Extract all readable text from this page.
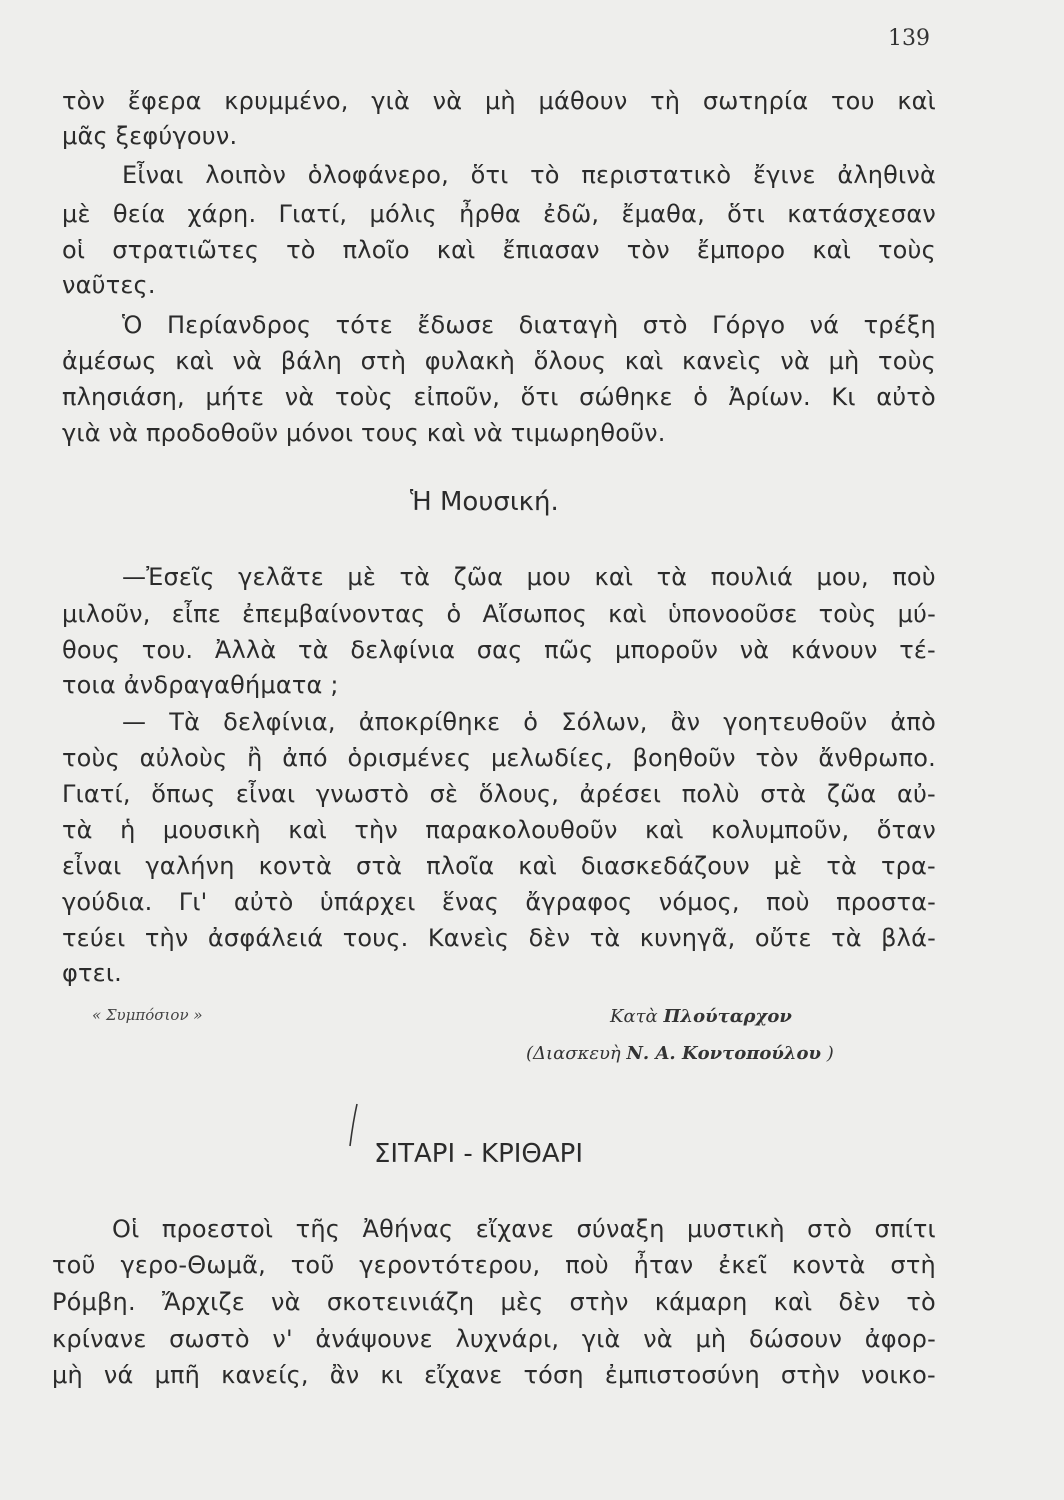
139
τὸν ἔφερα κρυμμένο, γιὰ νὰ μὴ μάθουν τὴ σωτηρία του καὶ
μᾶς ξεφύγουν.
Εἶναι λοιπὸν ὁλοφάνερο, ὅτι τὸ περιστατικὸ ἔγινε ἀληθινὰ
μὲ θεία χάρη. Γιατί, μόλις ἦρθα ἐδῶ, ἔμαθα, ὅτι κατάσχεσαν
οἱ στρατιῶτες τὸ πλοῖο καὶ ἔπιασαν τὸν ἔμπορο καὶ τοὺς
ναῦτες.
Ὁ Περίανδρος τότε ἔδωσε διαταγὴ στὸ Γόργο νά τρέξη
ἀμέσως καὶ νὰ βάλη στὴ φυλακὴ ὅλους καὶ κανεὶς νὰ μὴ τοὺς
πλησιάση, μήτε νὰ τοὺς εἰποῦν, ὅτι σώθηκε ὁ Ἀρίων. Κι αὐτὸ
γιὰ νὰ προδοθοῦν μόνοι τους καὶ νὰ τιμωρηθοῦν.
Ἡ Μουσική.
—Ἐσεῖς γελᾶτε μὲ τὰ ζῶα μου καὶ τὰ πουλιά μου, ποὺ
μιλοῦν, εἶπε ἐπεμβαίνοντας ὁ Αἴσωπος καὶ ὑπονοοῦσε τοὺς μύ-
θους του. Ἀλλὰ τὰ δελφίνια σας πῶς μποροῦν νὰ κάνουν τέ-
τοια ἀνδραγαθήματα ;
— Τὰ δελφίνια, ἀποκρίθηκε ὁ Σόλων, ἂν γοητευθοῦν ἀπὸ
τοὺς αὐλοὺς ἢ ἀπό ὁρισμένες μελωδίες, βοηθοῦν τὸν ἄνθρωπο.
Γιατί, ὅπως εἶναι γνωστὸ σὲ ὅλους, ἀρέσει πολὺ στὰ ζῶα αὐ-
τὰ ἡ μουσικὴ καὶ τὴν παρακολουθοῦν καὶ κολυμποῦν, ὅταν
εἶναι γαλήνη κοντὰ στὰ πλοῖα καὶ διασκεδάζουν μὲ τὰ τρα-
γούδια. Γι' αὐτὸ ὑπάρχει ἕνας ἄγραφος νόμος, ποὺ προστα-
τεύει τὴν ἀσφάλειά τους. Κανεὶς δὲν τὰ κυνηγᾶ, οὔτε τὰ βλά-
φτει.
« Συμπόσιον »	Κατὰ Πλούταρχον
(Διασκευὴ Ν. Α. Κοντοπούλου )
ΣΙΤΑΡΙ - ΚΡΙΘΑΡΙ
Οἱ προεστοὶ τῆς Ἀθήνας εἴχανε σύναξη μυστικὴ στὸ σπίτι
τοῦ γερο-Θωμᾶ, τοῦ γεροντότερου, ποὺ ἦταν ἐκεῖ κοντὰ στὴ
Ρόμβη. Ἄρχιζε νὰ σκοτεινιάζη μὲς στὴν κάμαρη καὶ δὲν τὸ
κρίνανε σωστὸ ν' ἀνάψουνε λυχνάρι, γιὰ νὰ μὴ δώσουν ἀφορ-
μὴ νά μπῆ κανείς, ἂν κι εἴχανε τόση ἐμπιστοσύνη στὴν νοικο-
